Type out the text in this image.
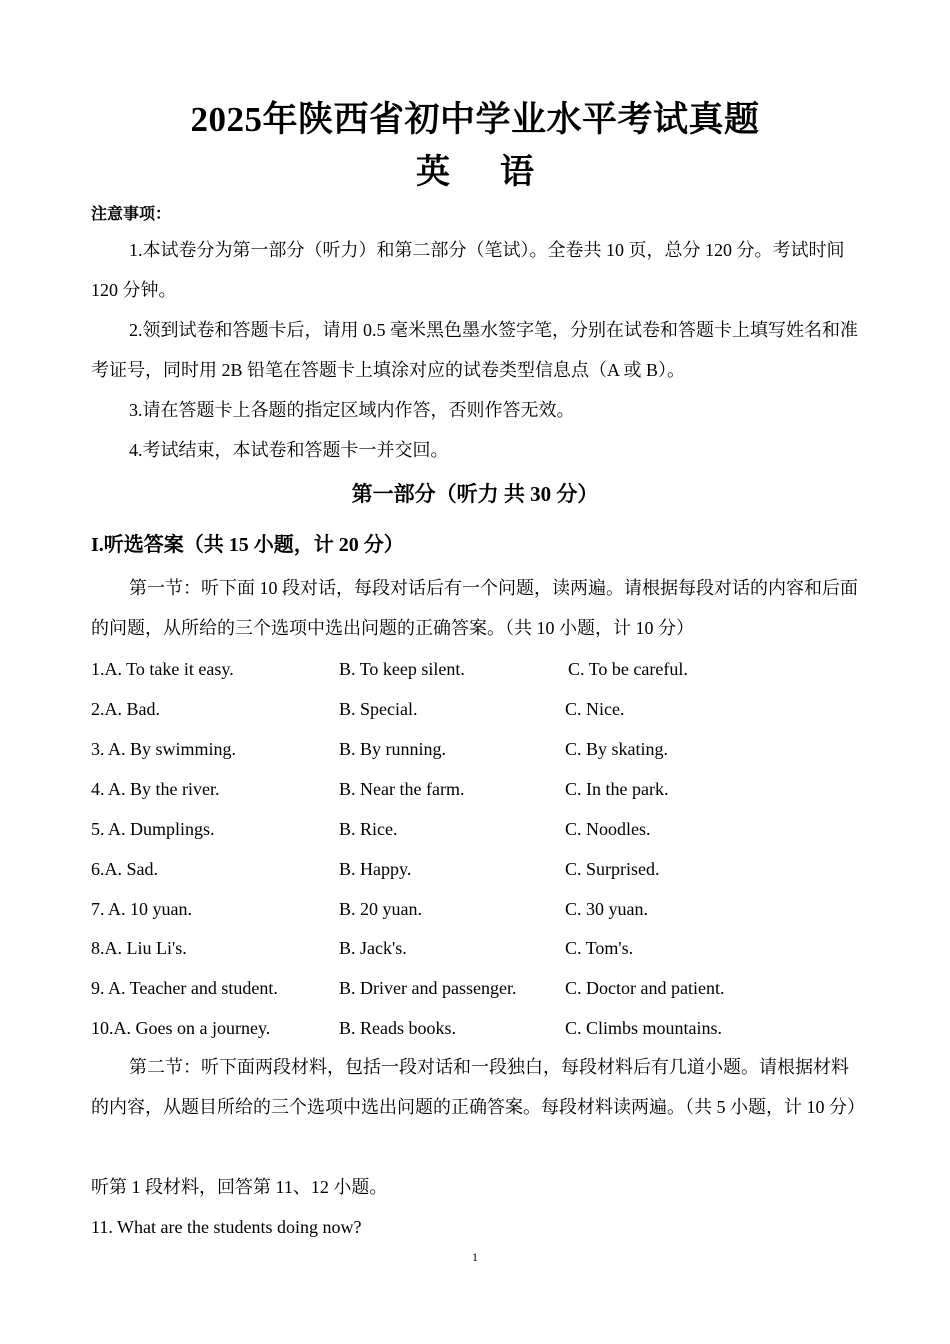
2025年陕西省初中学业水平考试真题
英 语
注意事项：
1.本试卷分为第一部分（听力）和第二部分（笔试）。全卷共 10 页，总分 120 分。考试时间 120 分钟。
2.领到试卷和答题卡后，请用 0.5 毫米黑色墨水签字笔，分别在试卷和答题卡上填写姓名和准考证号，同时用 2B 铅笔在答题卡上填涂对应的试卷类型信息点（A 或 B）。
3.请在答题卡上各题的指定区域内作答，否则作答无效。
4.考试结束，本试卷和答题卡一并交回。
第一部分（听力 共 30 分）
I.听选答案（共 15 小题，计 20 分）
第一节：听下面 10 段对话，每段对话后有一个问题，读两遍。请根据每段对话的内容和后面的问题，从所给的三个选项中选出问题的正确答案。（共 10 小题，计 10 分）
1.A. To take it easy.	B. To keep silent.	C. To be careful.
2.A. Bad.	B. Special.	C. Nice.
3. A. By swimming.	B. By running.	C. By skating.
4. A. By the river.	B. Near the farm.	C. In the park.
5. A. Dumplings.	B. Rice.	C. Noodles.
6.A. Sad.	B. Happy.	C. Surprised.
7. A. 10 yuan.	B. 20 yuan.	C. 30 yuan.
8.A. Liu Li's.	B. Jack's.	C. Tom's.
9. A. Teacher and student.	B. Driver and passenger.	C. Doctor and patient.
10.A. Goes on a journey.	B. Reads books.	C. Climbs mountains.
第二节：听下面两段材料，包括一段对话和一段独白，每段材料后有几道小题。请根据材料的内容，从题目所给的三个选项中选出问题的正确答案。每段材料读两遍。（共 5 小题，计 10 分）
听第 1 段材料，回答第 11、12 小题。
11. What are the students doing now?
1
